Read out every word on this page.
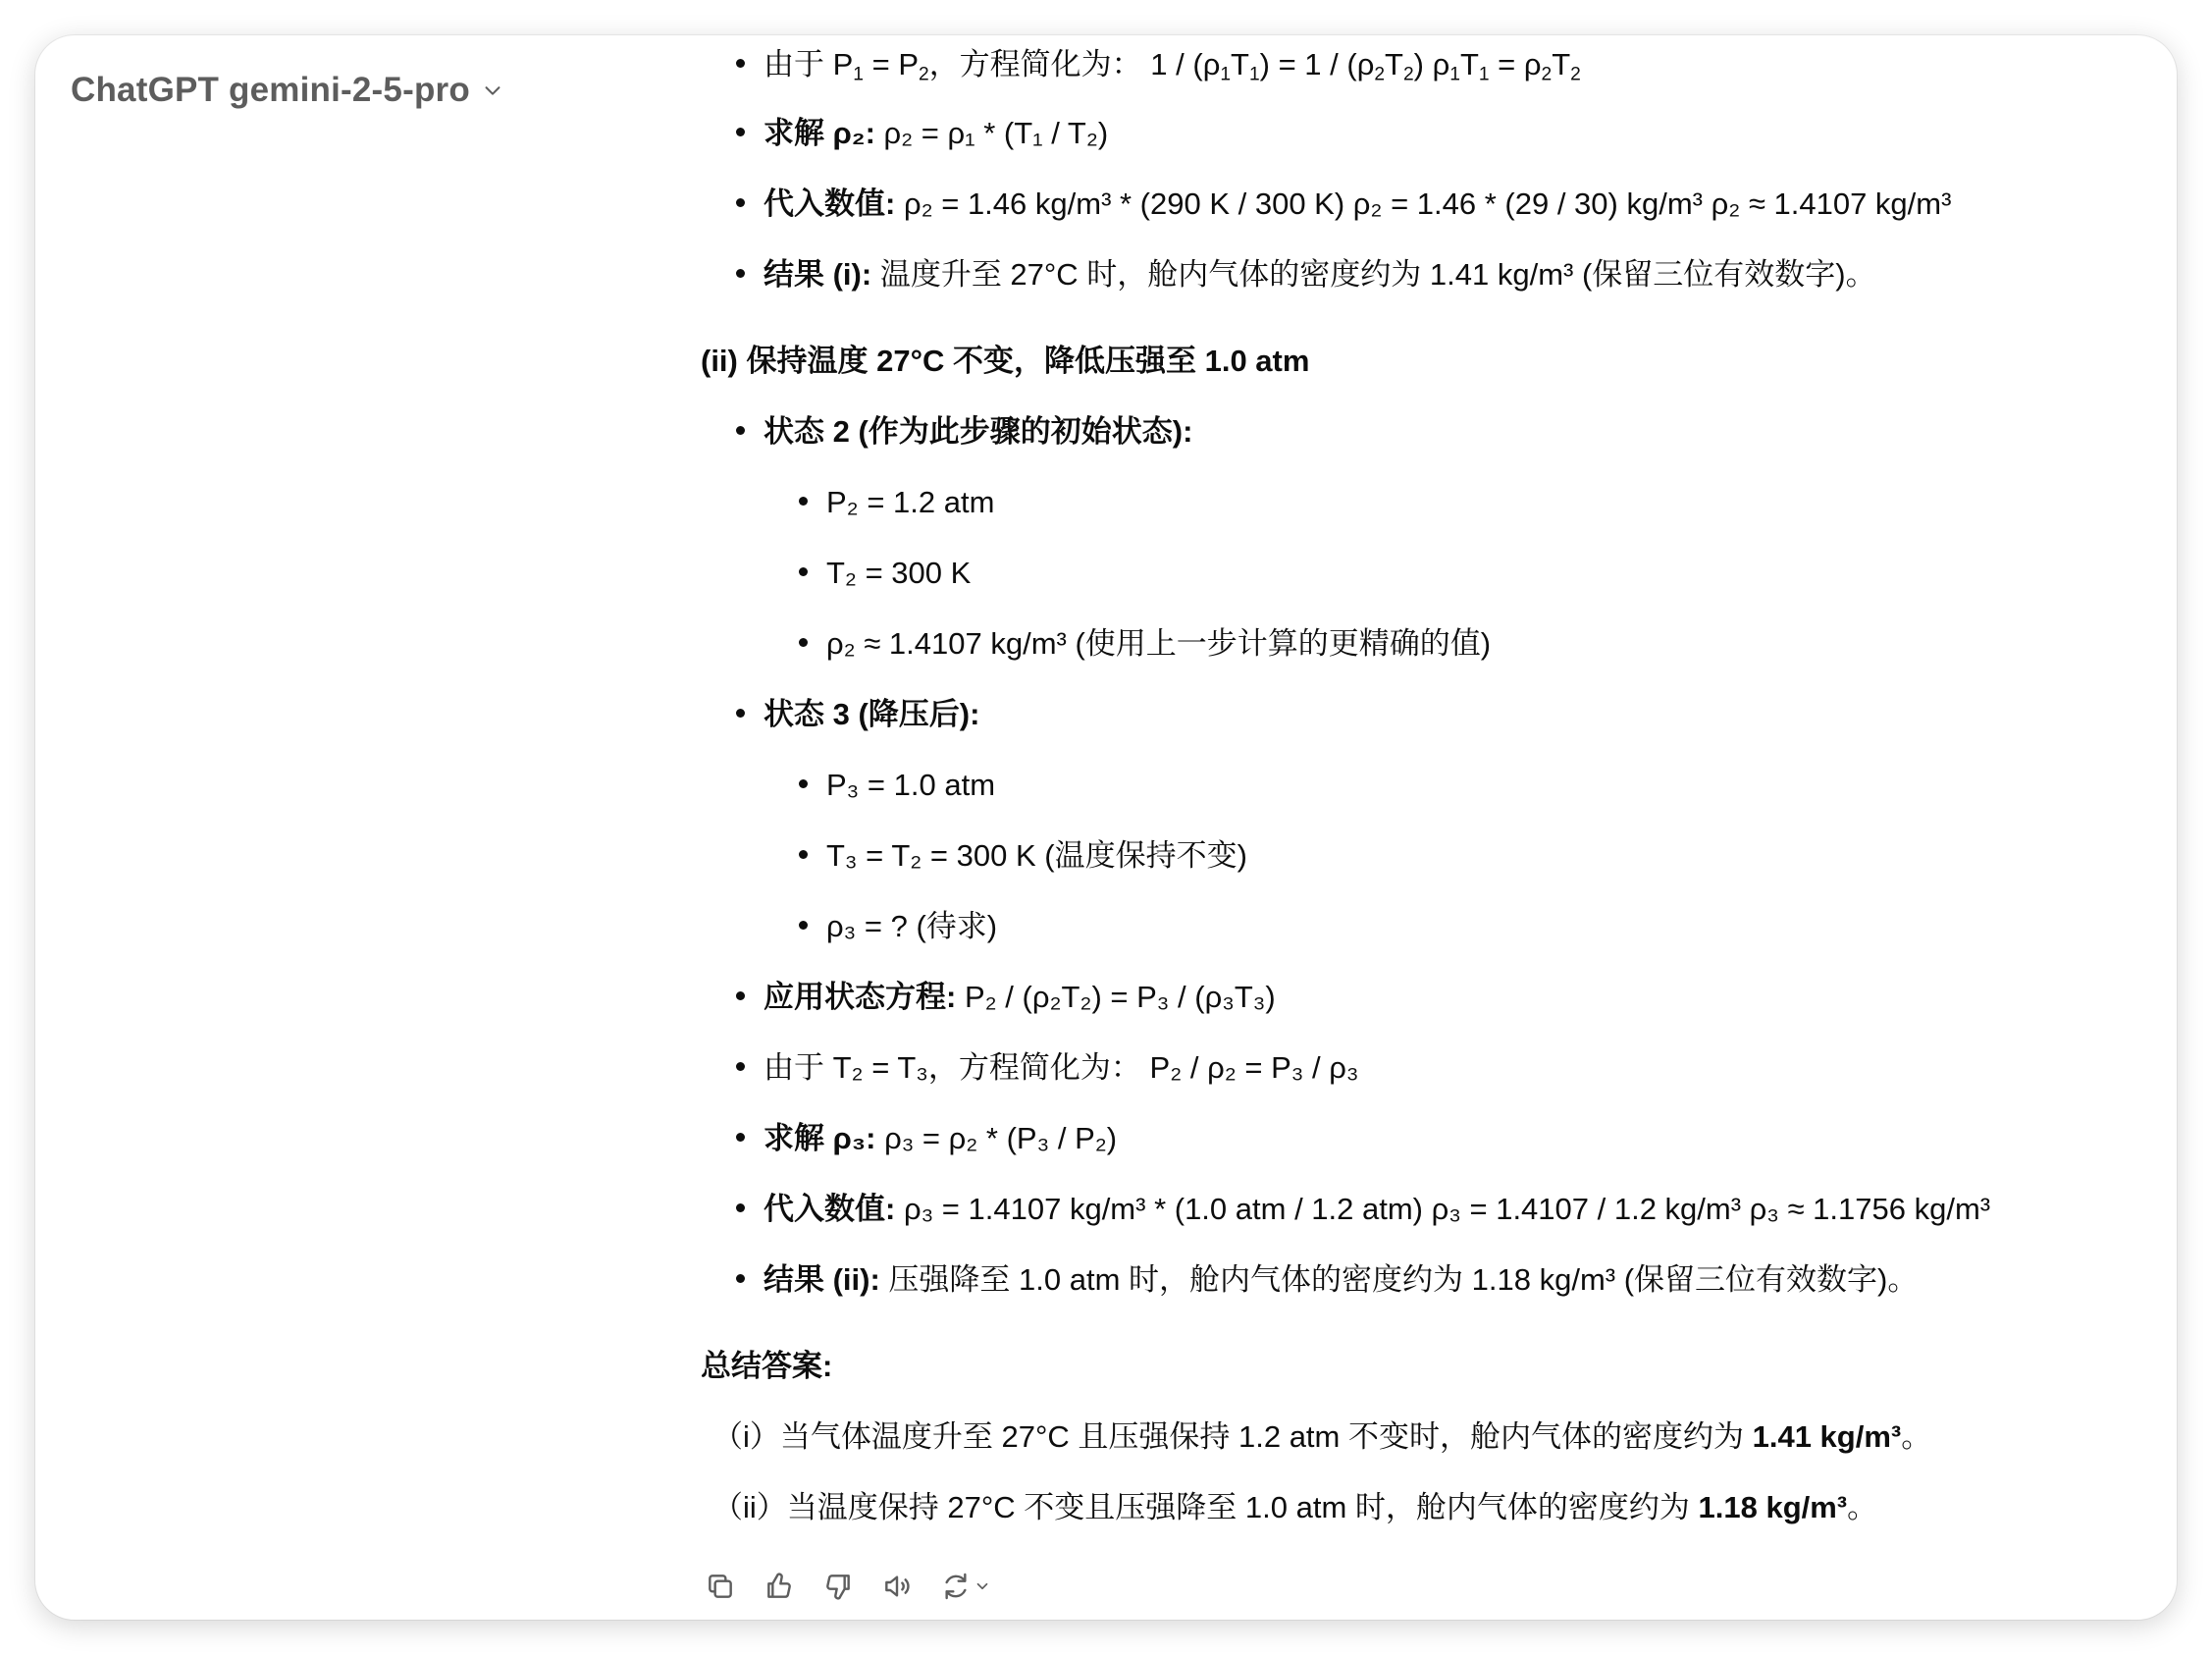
ChatGPT gemini-2-5-pro
由于 $P_1 = P_2$，方程简化为： $1 / (\rho_1T_1) = 1 / (\rho_2T_2) \rho_1T_1 = \rho_2T_2$
求解 ρ₂: ρ₂ = ρ₁ * (T₁ / T₂)
代入数值: ρ₂ = 1.46 kg/m³ * (290 K / 300 K) ρ₂ = 1.46 * (29 / 30) kg/m³ ρ₂ ≈ 1.4107 kg/m³
结果 (i): 温度升至 27°C 时，舱内气体的密度约为 1.41 kg/m³ (保留三位有效数字)。
(ii) 保持温度 27°C 不变，降低压强至 1.0 atm
状态 2 (作为此步骤的初始状态):
P₂ = 1.2 atm
T₂ = 300 K
ρ₂ ≈ 1.4107 kg/m³ (使用上一步计算的更精确的值)
状态 3 (降压后):
P₃ = 1.0 atm
T₃ = T₂ = 300 K (温度保持不变)
ρ₃ = ? (待求)
应用状态方程: P₂ / (ρ₂T₂) = P₃ / (ρ₃T₃)
由于 T₂ = T₃，方程简化为： P₂ / ρ₂ = P₃ / ρ₃
求解 ρ₃: ρ₃ = ρ₂ * (P₃ / P₂)
代入数值: ρ₃ = 1.4107 kg/m³ * (1.0 atm / 1.2 atm) ρ₃ = 1.4107 / 1.2 kg/m³ ρ₃ ≈ 1.1756 kg/m³
结果 (ii): 压强降至 1.0 atm 时，舱内气体的密度约为 1.18 kg/m³ (保留三位有效数字)。
总结答案:
（i）当气体温度升至 27°C 且压强保持 1.2 atm 不变时，舱内气体的密度约为 1.41 kg/m³。
（ii）当温度保持 27°C 不变且压强降至 1.0 atm 时，舱内气体的密度约为 1.18 kg/m³。
